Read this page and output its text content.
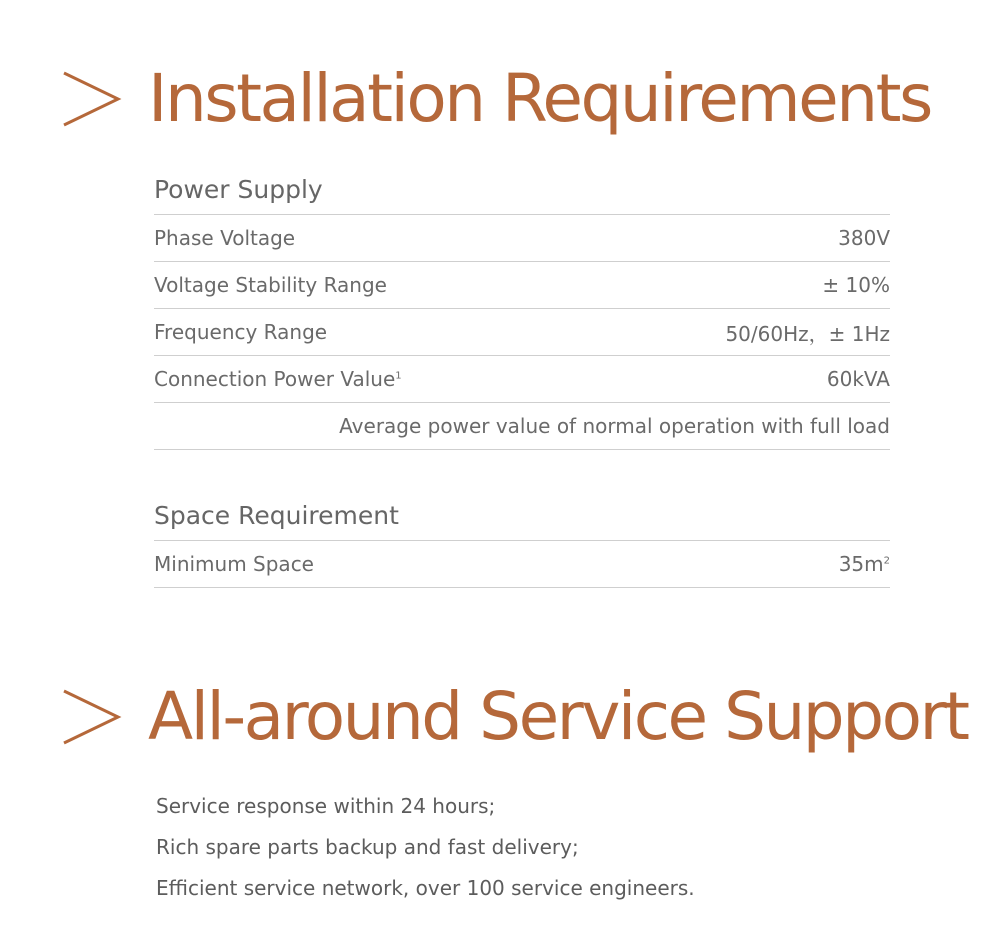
Installation Requirements
Power Supply
Phase Voltage	380V
Voltage Stability Range	± 10%
Frequency Range	50/60Hz，± 1Hz
Connection Power Value$^1$	60kVA
Average power value of normal operation with full load
Space Requirement
Minimum Space	$35m^2$
All-around Service Support
Service response within 24 hours;
Rich spare parts backup and fast delivery;
Efficient service network, over 100 service engineers.
